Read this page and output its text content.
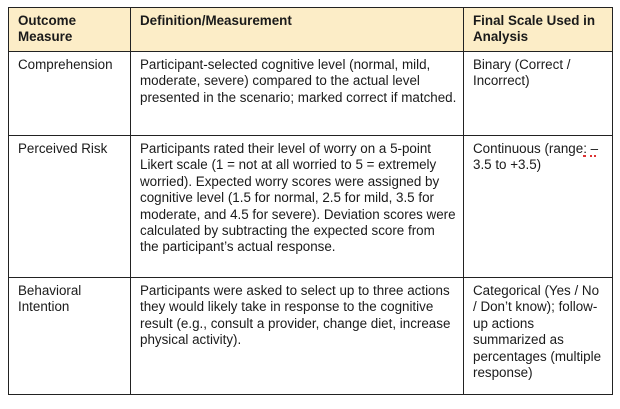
Outcome Measure	Definition/Measurement	Final Scale Used in Analysis
Comprehension	Participant-selected cognitive level (normal, mild, moderate, severe) compared to the actual level presented in the scenario; marked correct if matched.	Binary (Correct / Incorrect)
Perceived Risk	Participants rated their level of worry on a 5-point Likert scale (1 = not at all worried to 5 = extremely worried). Expected worry scores were assigned by cognitive level (1.5 for normal, 2.5 for mild, 3.5 for moderate, and 4.5 for severe). Deviation scores were calculated by subtracting the expected score from the participant’s actual response.	Continuous (range: –3.5 to +3.5)
Behavioral Intention	Participants were asked to select up to three actions they would likely take in response to the cognitive result (e.g., consult a provider, change diet, increase physical activity).	Categorical (Yes / No / Don’t know); follow-up actions summarized as percentages (multiple response)
